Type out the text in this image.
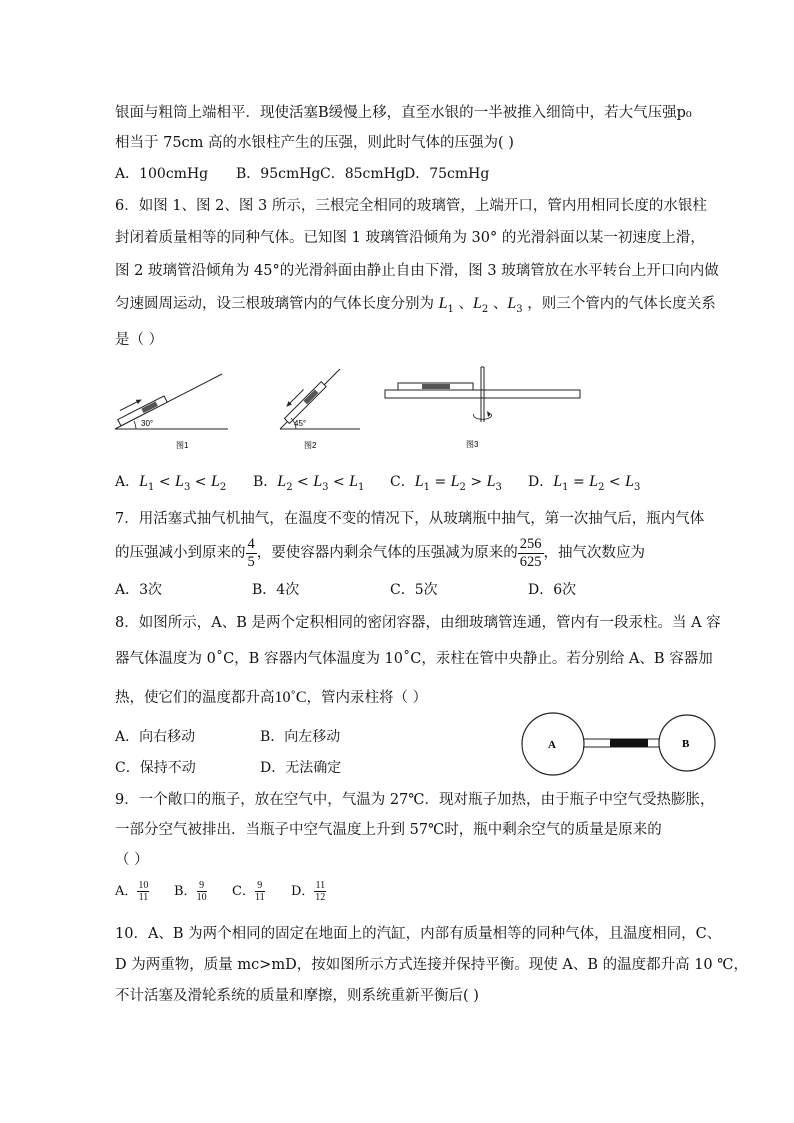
银面与粗筒上端相平．现使活塞B缓慢上移，直至水银的一半被推入细筒中，若大气压强p₀
相当于 75cm 高的水银柱产生的压强，则此时气体的压强为( )
A．100cmHg B．95cmHg C．85cmHg D．75cmHg
6．如图 1、图 2、图 3 所示，三根完全相同的玻璃管，上端开口，管内用相同长度的水银柱
封闭着质量相等的同种气体。已知图 1 玻璃管沿倾角为 30° 的光滑斜面以某一初速度上滑，
图 2 玻璃管沿倾角为 45°的光滑斜面由静止自由下滑，图 3 玻璃管放在水平转台上开口向内做
匀速圆周运动，设三根玻璃管内的气体长度分别为 $L_1$ 、$L_2$ 、$L_3$ ，则三个管内的气体长度关系
是（ ）
30°
图1
45°
图2	图3
A．$L_1 < L_3 < L_2$ B．$L_2 < L_3 < L_1$ C．$L_1 = L_2 > L_3$ D．$L_1 = L_2 < L_3$
7．用活塞式抽气机抽气，在温度不变的情况下，从玻璃瓶中抽气，第一次抽气后，瓶内气体
的压强减小到原来的 $\frac{4}{5}$ ，要使容器内剩余气体的压强减为原来的 $\frac{256}{625}$ ，抽气次数应为
A．3次	B．4次	C．5次	D．6次
8．如图所示，A、B 是两个定积相同的密闭容器，由细玻璃管连通，管内有一段汞柱。当 A 容
器气体温度为 0˚C，B 容器内气体温度为 10˚C，汞柱在管中央静止。若分别给 A、B 容器加
热，使它们的温度都升高10˚C，管内汞柱将（ ）
A．向右移动	B．向左移动
C．保持不动	D．无法确定
A	B
9．一个敞口的瓶子，放在空气中，气温为 27℃．现对瓶子加热，由于瓶子中空气受热膨胀，
一部分空气被排出．当瓶子中空气温度上升到 57℃时，瓶中剩余空气的质量是原来的
（ ）
A． $\frac{10}{11}$ B． $\frac{9}{10}$ C． $\frac{9}{11}$ D． $\frac{11}{12}$
10．A、B 为两个相同的固定在地面上的汽缸，内部有质量相等的同种气体，且温度相同，C、
D 为两重物，质量 mc>mD，按如图所示方式连接并保持平衡。现使 A、B 的温度都升高 10 ℃，
不计活塞及滑轮系统的质量和摩擦，则系统重新平衡后( )
